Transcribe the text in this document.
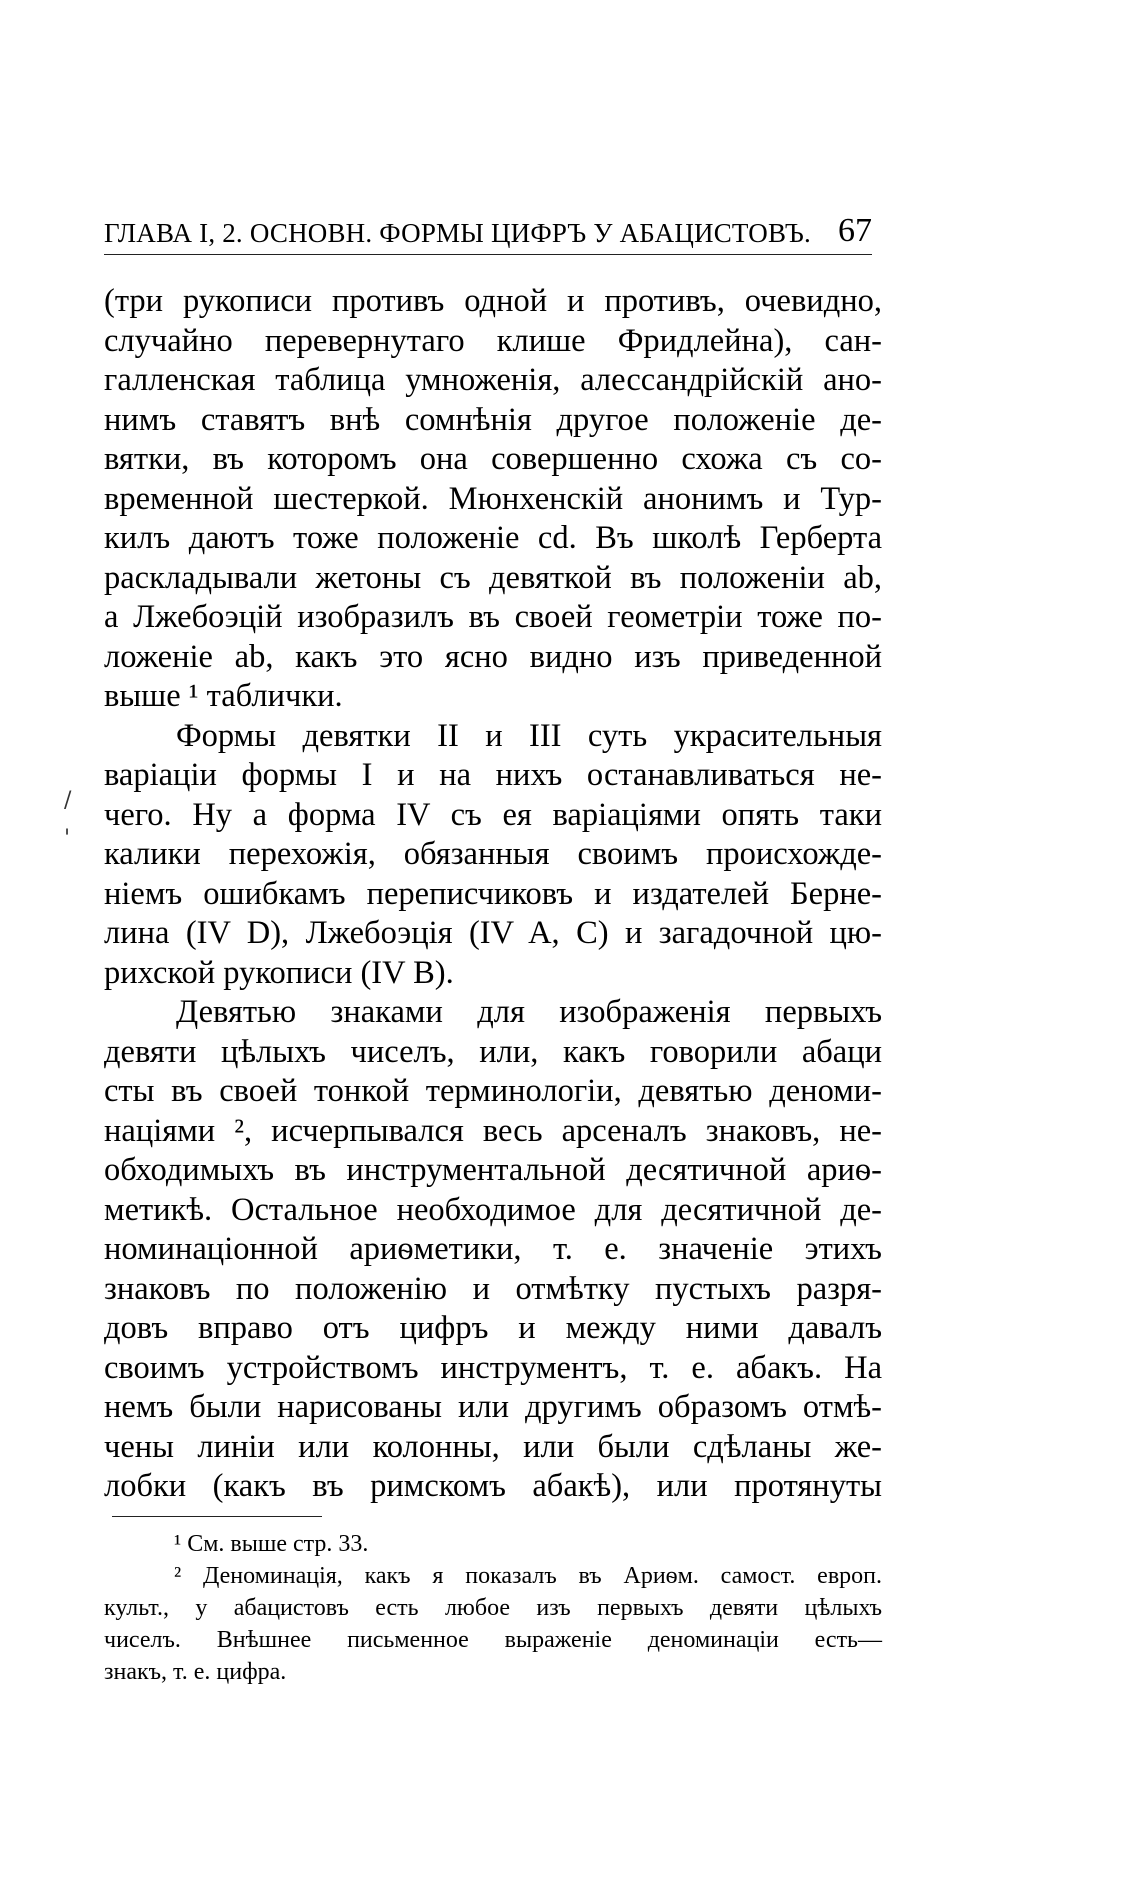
ГЛАВА I, 2. ОСНОВН. ФОРМЫ ЦИФРЪ У АБАЦИСТОВЪ. 67
/
'

(три рукописи противъ одной и противъ, очевидно,
случайно перевернутаго клише Фридлейна), сан-
галленская таблица умноженія, алессандрійскій ано-
нимъ ставятъ внѣ сомнѣнія другое положеніе де-
вятки, въ которомъ она совершенно схожа съ со-
временной шестеркой. Мюнхенскій анонимъ и Тур-
килъ даютъ тоже положеніе cd. Въ школѣ Герберта
раскладывали жетоны съ девяткой въ положеніи ab,
а Лжебоэцій изобразилъ въ своей геометріи тоже по-
ложеніе ab, какъ это ясно видно изъ приведенной
выше ¹ таблички.

Формы девятки II и III суть украсительныя
варіаціи формы I и на нихъ останавливаться не-
чего. Ну а форма IV съ ея варіаціями опять таки
калики перехожія, обязанныя своимъ происхожде-
ніемъ ошибкамъ переписчиковъ и издателей Берне-
лина (IV D), Лжебоэція (IV A, C) и загадочной цю-
рихской рукописи (IV B).

Девятью знаками для изображенія первыхъ
девяти цѣлыхъ чиселъ, или, какъ говорили абаци
сты въ своей тонкой терминологіи, девятью деноми-
націями ², исчерпывался весь арсеналъ знаковъ, не-
обходимыхъ въ инструментальной десятичной ариѳ-
метикѣ. Остальное необходимое для десятичной де-
номинаціонной ариѳметики, т. е. значеніе этихъ
знаковъ по положенію и отмѣтку пустыхъ разря-
довъ вправо отъ цифръ и между ними давалъ
своимъ устройствомъ инструментъ, т. е. абакъ. На
немъ были нарисованы или другимъ образомъ отмѣ-
чены линіи или колонны, или были сдѣланы же-
лобки (какъ въ римскомъ абакѣ), или протянуты

¹ См. выше стр. 33.
² Деноминація, какъ я показалъ въ Ариѳм. самост. европ.
культ., у абацистовъ есть любое изъ первыхъ девяти цѣлыхъ
чиселъ. Внѣшнее письменное выраженіе деноминаціи есть—
знакъ, т. е. цифра.
